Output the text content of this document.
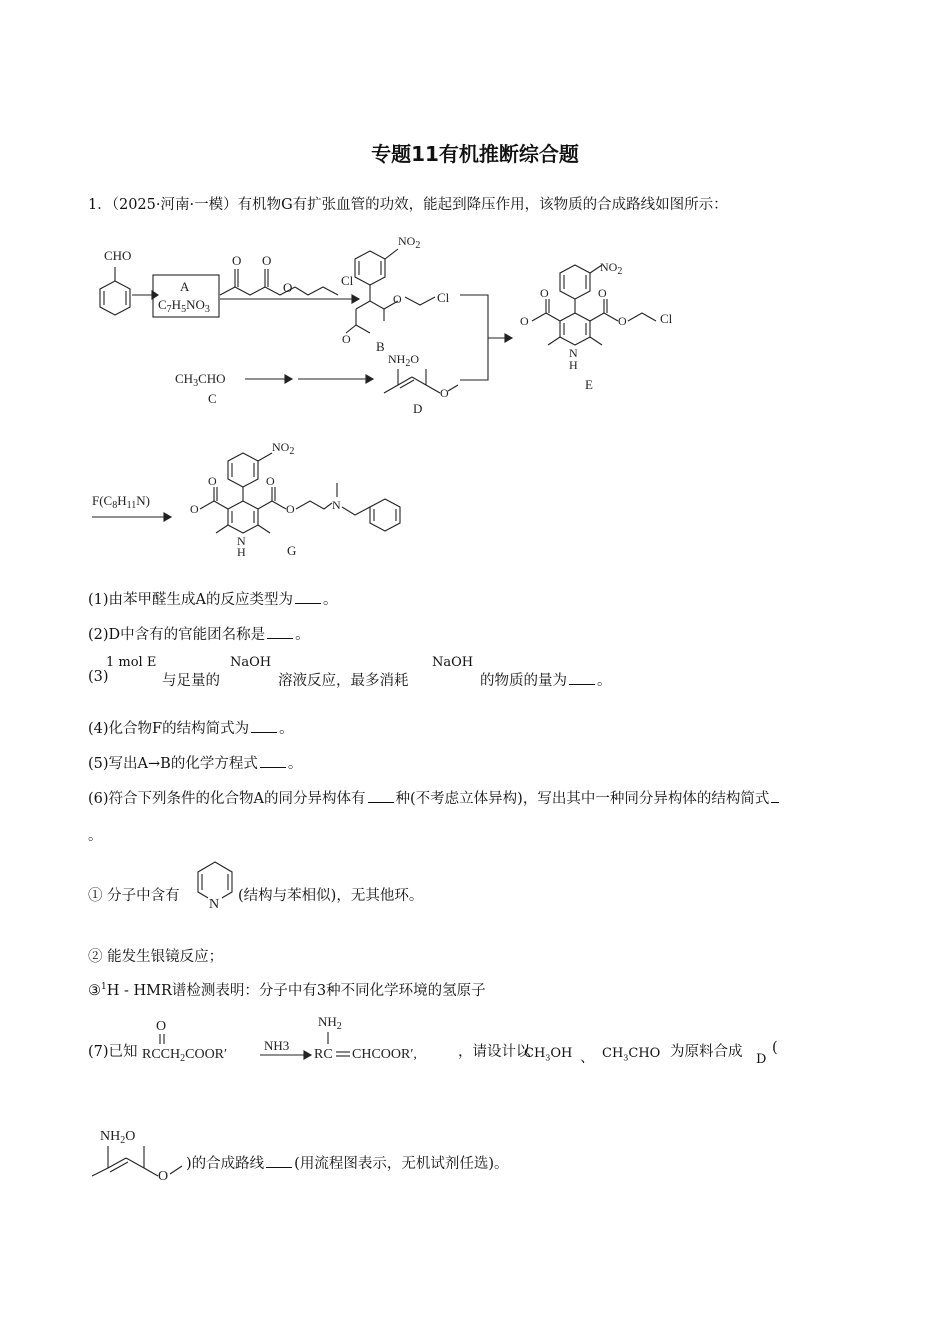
专题11有机推断综合题
1．（2025·河南·一模）有机物G有扩张血管的功效，能起到降压作用，该物质的合成路线如图所示：
CHO
A
$C_7H_5NO_3$
O O
O	Cl
$NO_2$
O
O
Cl
B
$CH_3CHO$
C
$NH_2O$
O
D
$NO_2$
O
O
O
O	Cl
N
H
E
$F(C_8H_{11}N)$
$NO_2$
O
O
O
O	N
N
H	G
(1)由苯甲醛生成A的反应类型为 。
(2)D中含有的官能团名称是 。
(3)
1 mol E
与足量的
NaOH
溶液反应，最多消耗
NaOH
的物质的量为 。
(4)化合物F的结构简式为 。
(5)写出A→B的化学方程式 。
(6)符合下列条件的化合物A的同分异构体有 种(不考虑立体异构)，写出其中一种同分异构体的结构简式
。
① 分子中含有
N
(结构与苯相似)，无其他环。
② 能发生银镜反应；
③$^1$H - HMR谱检测表明：分子中有3种不同化学环境的氢原子
(7)已知
O
$RCCH_2COOR'$
NH3
$NH_2$
RC CHCOOR′,	，请设计以
$CH_3OH$ 、 $CH_3CHO$ 为原料合成 D
(
$NH_2O$
O
)的合成路线 (用流程图表示，无机试剂任选)。
